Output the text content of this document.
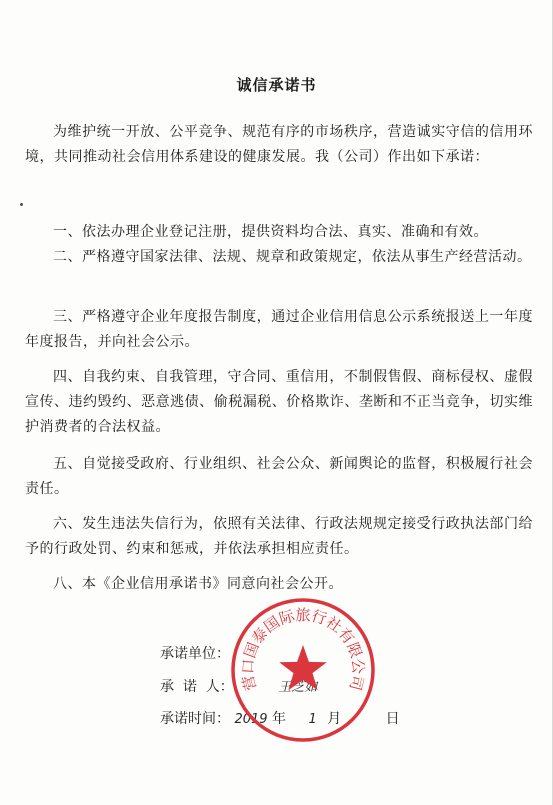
诚信承诺书

为维护统一开放、公平竞争、规范有序的市场秩序，营造诚实守信的信用环境，共同推动社会信用体系建设的健康发展。我（公司）作出如下承诺：

一、依法办理企业登记注册，提供资料均合法、真实、准确和有效。

二、严格遵守国家法律、法规、规章和政策规定，依法从事生产经营活动。

三、严格遵守企业年度报告制度，通过企业信用信息公示系统报送上一年度年度报告，并向社会公示。

四、自我约束、自我管理，守合同、重信用，不制假售假、商标侵权、虚假宣传、违约毁约、恶意逃债、偷税漏税、价格欺诈、垄断和不正当竞争，切实维护消费者的合法权益。

五、自觉接受政府、行业组织、社会公众、新闻舆论的监督，积极履行社会责任。

六、发生违法失信行为，依照有关法律、行政法规规定接受行政执法部门给予的行政处罚、约束和惩戒，并依法承担相应责任。

八、本《企业信用承诺书》同意向社会公开。

承诺单位：
承  诺  人：	王芝如
承诺时间： 2019 年 1 月	日
营口国泰国际旅行社有限公司
